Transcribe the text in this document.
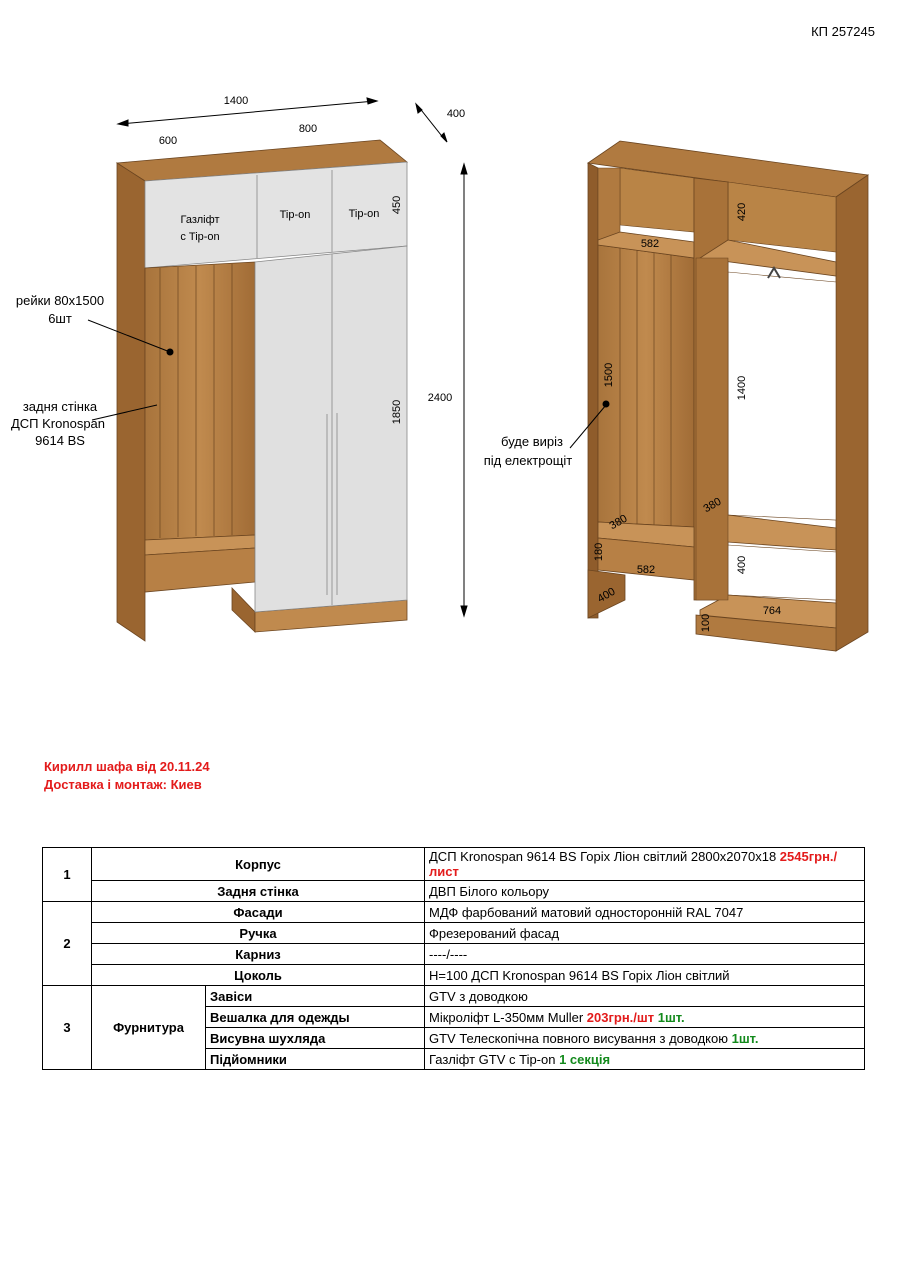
КП 257245
1400
600
800
400
2400
450
1850
Газліфт
с Tip-on
Tip-on	Tip-on
рейки 80х1500
6шт
задня стінка
ДСП Kronospan
9614 BS
420
582
1500
1400
380
380
180
582
400
400
764
100
буде виріз
під електрощіт
Кирилл шафа від 20.11.24
Доставка і монтаж: Киев
1	Корпус		ДСП Kronospan 9614 BS Горіх Ліон світлий 2800х2070х18 2545грн./лист
	Задня стінка		ДВП Білого кольору
2	Фасади		МДФ фарбований матовий односторонній RAL 7047
	Ручка		Фрезерований фасад
	Карниз		----/----
	Цоколь		H=100 ДСП Kronospan 9614 BS Горіх Ліон світлий
3	Фурнитура	Завіси	GTV з доводкою
		Вешалка для одежды	Мікроліфт L-350мм Muller 203грн./шт 1шт.
		Висувна шухляда	GTV Телескопічна повного висування з доводкою 1шт.
		Підйомники	Газліфт GTV с Tip-on 1 секція
